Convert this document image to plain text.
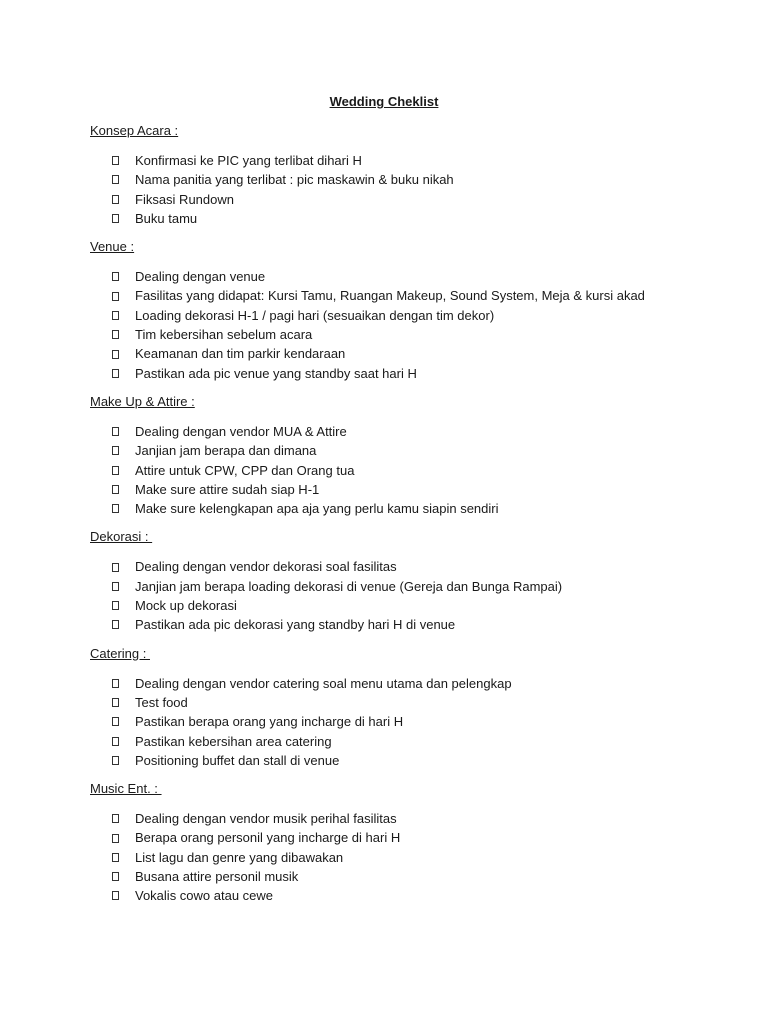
Wedding Cheklist
Konsep Acara :
Konfirmasi ke PIC yang terlibat dihari H
Nama panitia yang terlibat : pic maskawin & buku nikah
Fiksasi Rundown
Buku tamu
Venue :
Dealing dengan venue
Fasilitas yang didapat: Kursi Tamu, Ruangan Makeup, Sound System, Meja & kursi akad
Loading dekorasi H-1 / pagi hari (sesuaikan dengan tim dekor)
Tim kebersihan sebelum acara
Keamanan dan tim parkir kendaraan
Pastikan ada pic venue yang standby saat hari H
Make Up & Attire :
Dealing dengan vendor MUA & Attire
Janjian jam berapa dan dimana
Attire untuk CPW, CPP dan Orang tua
Make sure attire sudah siap H-1
Make sure kelengkapan apa aja yang perlu kamu siapin sendiri
Dekorasi :
Dealing dengan vendor dekorasi soal fasilitas
Janjian jam berapa loading dekorasi di venue (Gereja dan Bunga Rampai)
Mock up dekorasi
Pastikan ada pic dekorasi yang standby hari H di venue
Catering :
Dealing dengan vendor catering soal menu utama dan pelengkap
Test food
Pastikan berapa orang yang incharge di hari H
Pastikan kebersihan area catering
Positioning buffet dan stall di venue
Music Ent. :
Dealing dengan vendor musik perihal fasilitas
Berapa orang personil yang incharge di hari H
List lagu dan genre yang dibawakan
Busana attire personil musik
Vokalis cowo atau cewe
